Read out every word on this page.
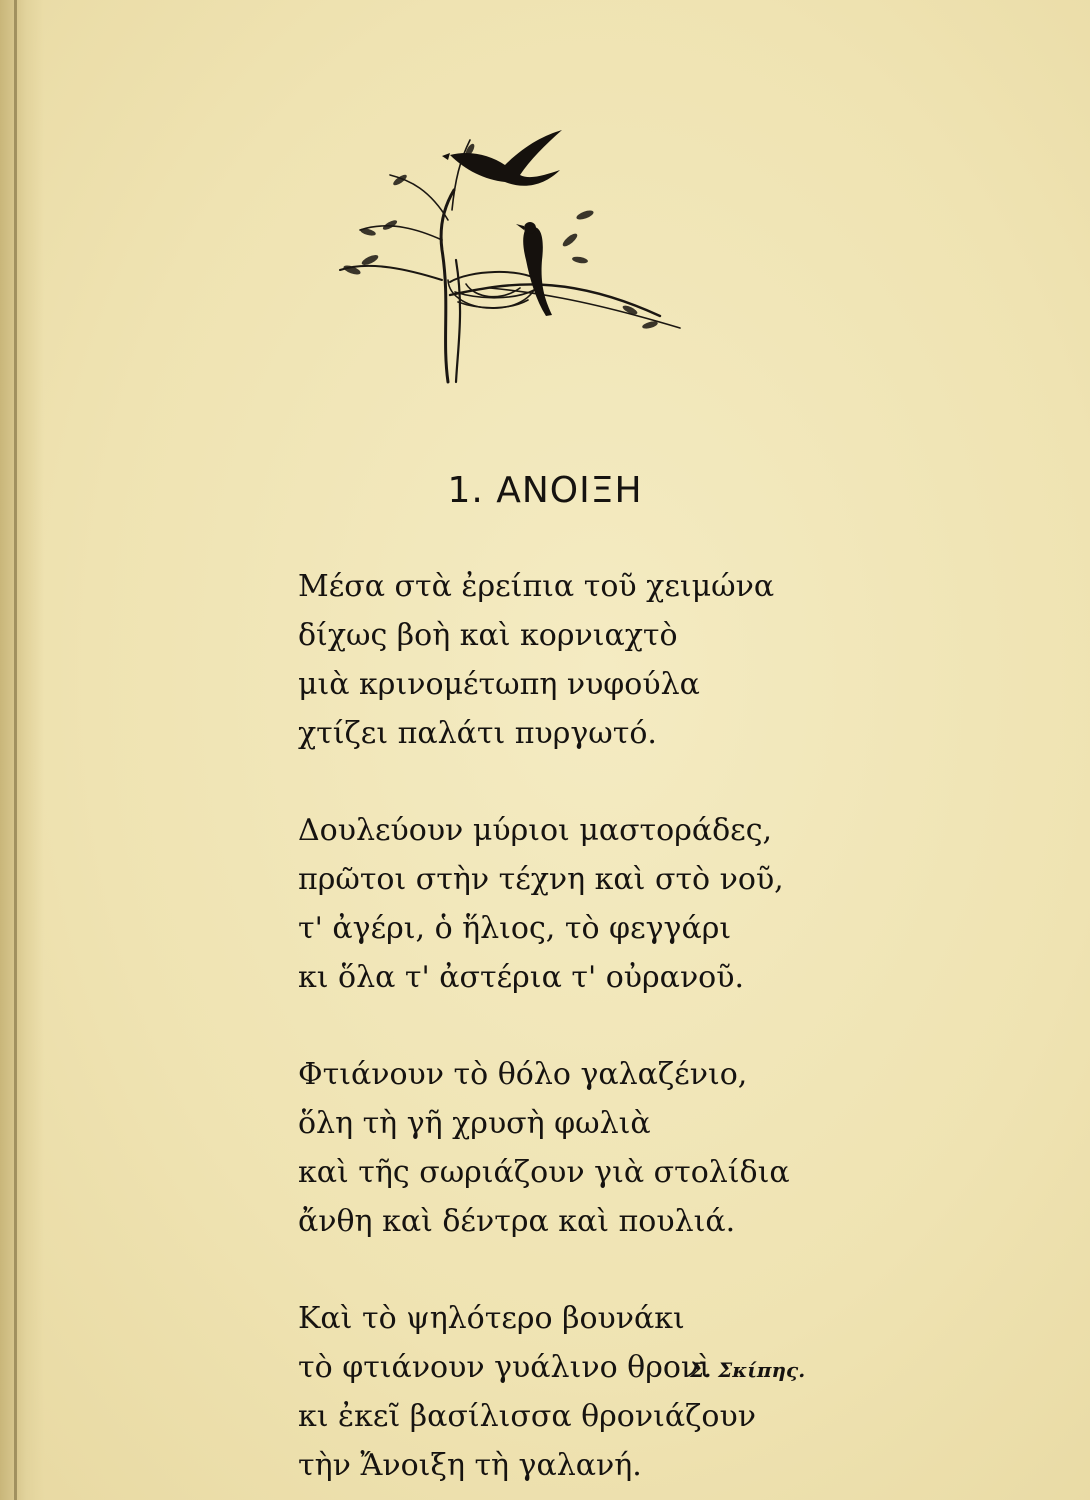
1. ΑΝΟΙΞΗ
Μέσα στὰ ἐρείπια τοῦ χειμώνα
δίχως βοὴ καὶ κορνιαχτὸ
μιὰ κρινομέτωπη νυφούλα
χτίζει παλάτι πυργωτό.
Δουλεύουν μύριοι μαστοράδες,
πρῶτοι στὴν τέχνη καὶ στὸ νοῦ,
τ' ἀγέρι, ὁ ἥλιος, τὸ φεγγάρι
κι ὅλα τ' ἀστέρια τ' οὐρανοῦ.
Φτιάνουν τὸ θόλο γαλαζένιο,
ὅλη τὴ γῆ χρυσὴ φωλιὰ
καὶ τῆς σωριάζουν γιὰ στολίδια
ἄνθη καὶ δέντρα καὶ πουλιά.
Καὶ τὸ ψηλότερο βουνάκι
τὸ φτιάνουν γυάλινο θρονὶ
κι ἐκεῖ βασίλισσα θρονιάζουν
τὴν Ἄνοιξη τὴ γαλανή.
Σ. Σκίπης.
